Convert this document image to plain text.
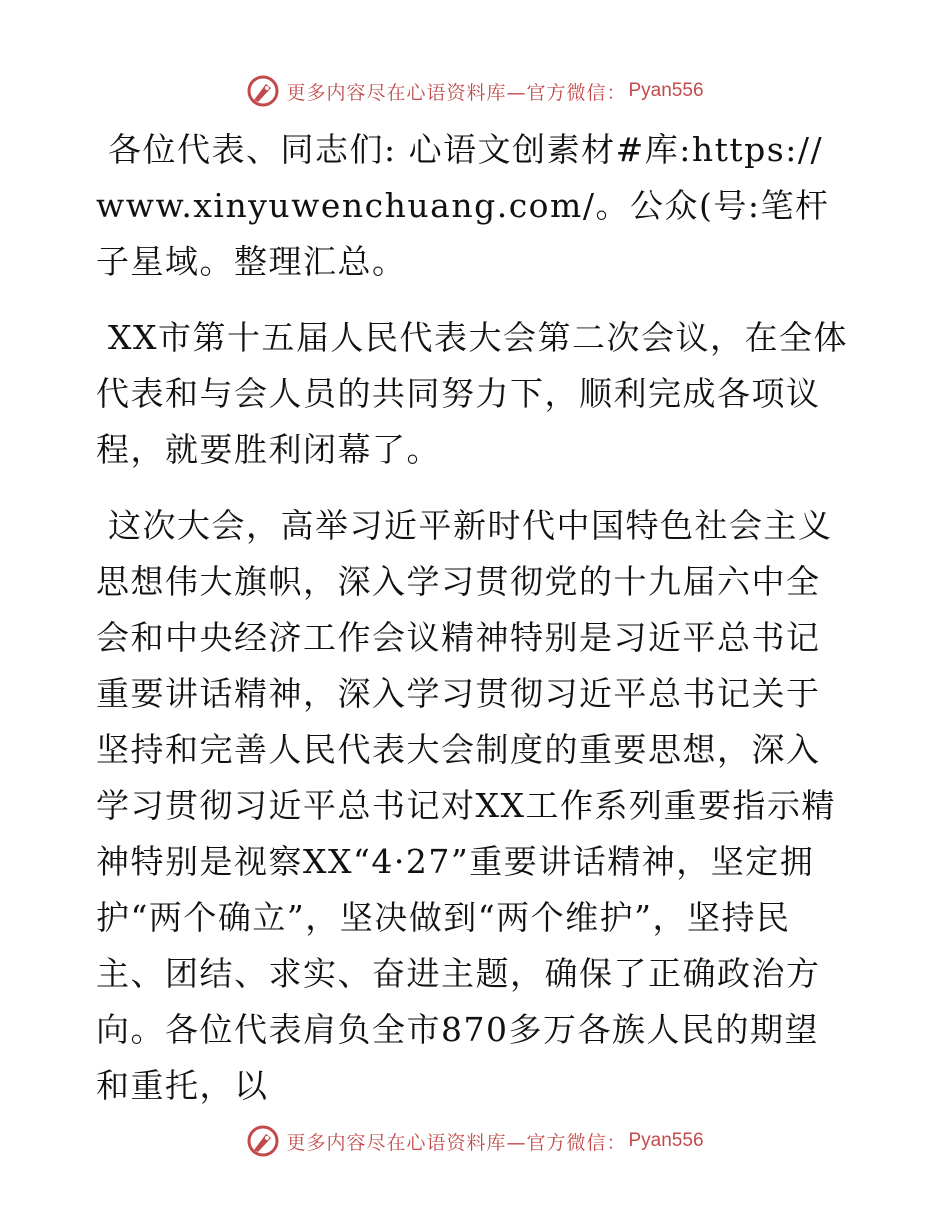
更多内容尽在心语资料库—官方微信： Pyan556

各位代表、同志们: 心语文创素材#库:https://www.xinyuwenchuang.com/。公众(号:笔杆子星域。整理汇总。

XX市第十五届人民代表大会第二次会议，在全体代表和与会人员的共同努力下，顺利完成各项议程，就要胜利闭幕了。

这次大会，高举习近平新时代中国特色社会主义思想伟大旗帜，深入学习贯彻党的十九届六中全会和中央经济工作会议精神特别是习近平总书记重要讲话精神，深入学习贯彻习近平总书记关于坚持和完善人民代表大会制度的重要思想，深入学习贯彻习近平总书记对XX工作系列重要指示精神特别是视察XX“4·27”重要讲话精神，坚定拥护“两个确立”，坚决做到“两个维护”，坚持民主、团结、求实、奋进主题，确保了正确政治方向。各位代表肩负全市870多万各族人民的期望和重托，以

更多内容尽在心语资料库—官方微信： Pyan556
